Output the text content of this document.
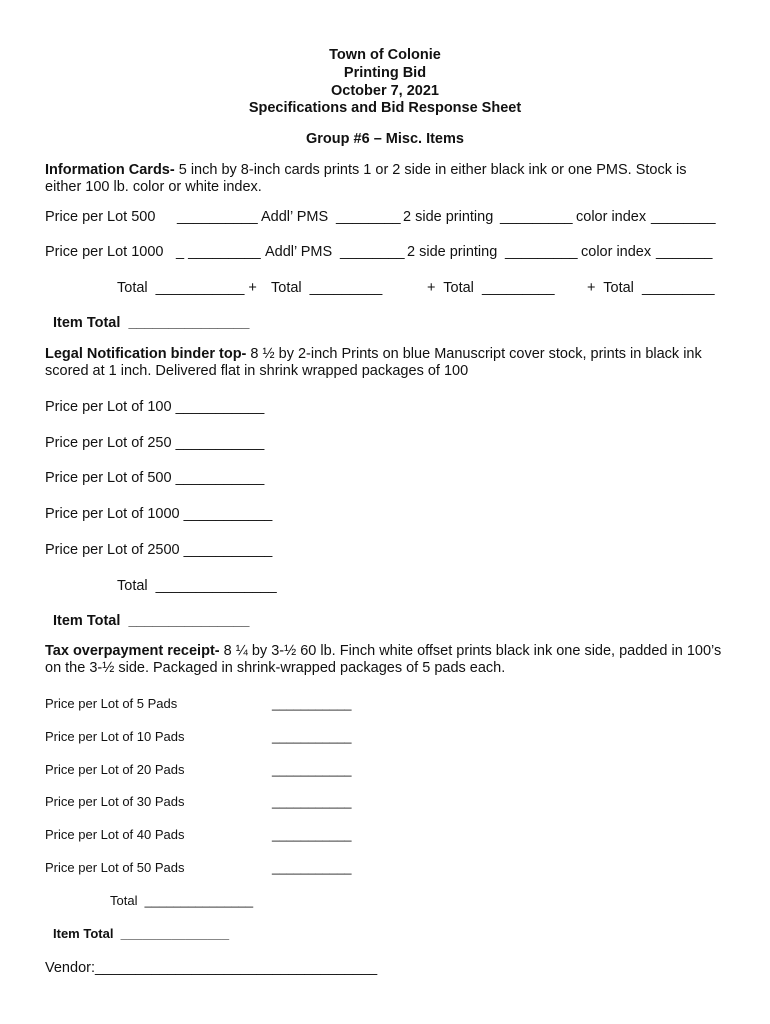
Town of Colonie
Printing Bid
October 7, 2021
Specifications and Bid Response Sheet
Group #6 – Misc. Items
Information Cards- 5 inch by 8-inch cards prints 1 or 2 side in either black ink or one PMS. Stock is either 100 lb. color or white index.
Price per Lot 500 __________ Addl’ PMS ________ 2 side printing _________ color index ________
Price per Lot 1000 _ _________ Addl’ PMS ________ 2 side printing _________ color index _______
Total  ___________ + Total  _________	+  Total  _________ +  Total  _________
Item Total  _______________
Legal Notification binder top- 8 ½ by 2-inch Prints on blue Manuscript cover stock, prints in black ink scored at 1 inch. Delivered flat in shrink wrapped packages of 100
Price per Lot of 100 ___________
Price per Lot of 250 ___________
Price per Lot of 500 ___________
Price per Lot of 1000 ___________
Price per Lot of 2500 ___________
Total  _______________
Item Total  _______________
Tax overpayment receipt- 8 ¼ by 3-½ 60 lb. Finch white offset prints black ink one side, padded in 100’s on the 3-½ side. Packaged in shrink-wrapped packages of 5 pads each.
Price per Lot of 5 Pads	___________
Price per Lot of 10 Pads	___________
Price per Lot of 20 Pads	___________
Price per Lot of 30 Pads	___________
Price per Lot of 40 Pads	___________
Price per Lot of 50 Pads	___________
Total  _______________
Item Total  _______________
Vendor:___________________________________
